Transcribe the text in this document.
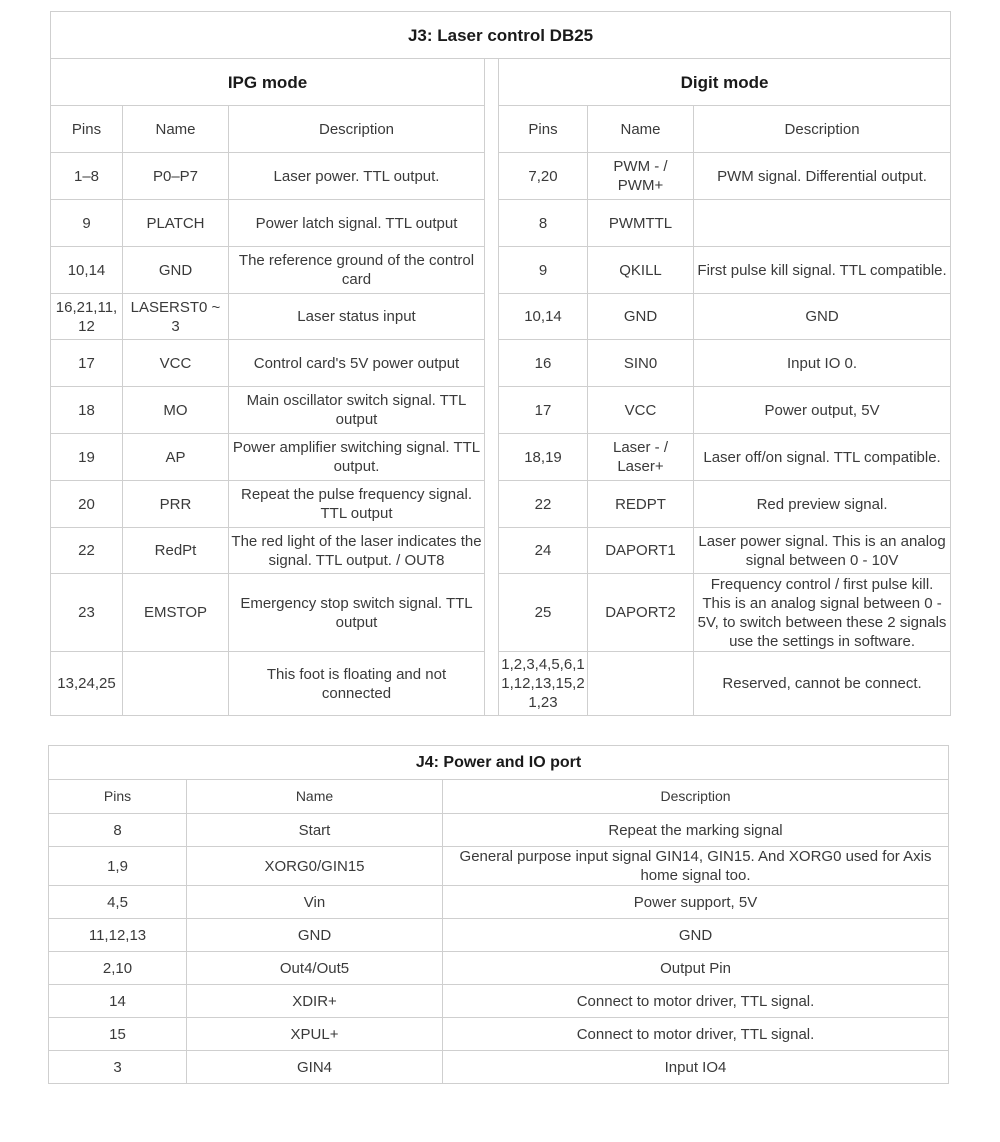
J3: Laser control DB25						
IPG mode				Digit mode		
Pins	Name	Description		Pins	Name	Description
1–8	P0–P7	Laser power. TTL output.		7,20	PWM - / PWM+	PWM signal. Differential output.
9	PLATCH	Power latch signal. TTL output		8	PWMTTL	
10,14	GND	The reference ground of the control card		9	QKILL	First pulse kill signal. TTL compatible.
16,21,11,12	LASERST0 ~ 3	Laser status input		10,14	GND	GND
17	VCC	Control card's 5V power output		16	SIN0	Input IO 0.
18	MO	Main oscillator switch signal. TTL output		17	VCC	Power output, 5V
19	AP	Power amplifier switching signal. TTL output.		18,19	Laser - / Laser+	Laser off/on signal. TTL compatible.
20	PRR	Repeat the pulse frequency signal. TTL output		22	REDPT	Red preview signal.
22	RedPt	The red light of the laser indicates the signal. TTL output. / OUT8		24	DAPORT1	Laser power signal. This is an analog signal between 0 - 10V
23	EMSTOP	Emergency stop switch signal. TTL output		25	DAPORT2	Frequency control / first pulse kill. This is an analog signal between 0 - 5V, to switch between these 2 signals use the settings in software.
13,24,25		This foot is floating and not connected		1,2,3,4,5,6,11,12,13,15,21,23		Reserved, cannot be connect.
J4: Power and IO port		
Pins	Name	Description
8	Start	Repeat the marking signal
1,9	XORG0/GIN15	General purpose input signal GIN14, GIN15. And XORG0 used for Axis home signal too.
4,5	Vin	Power support, 5V
11,12,13	GND	GND
2,10	Out4/Out5	Output Pin
14	XDIR+	Connect to motor driver, TTL signal.
15	XPUL+	Connect to motor driver, TTL signal.
3	GIN4	Input IO4
